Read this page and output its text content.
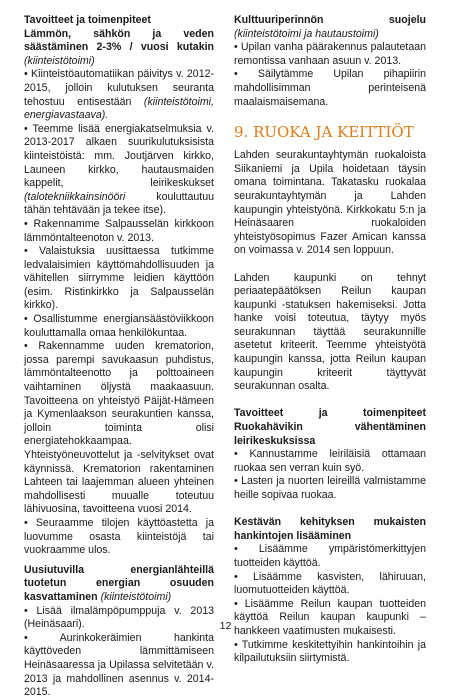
Tavoitteet ja toimenpiteet
Lämmön, sähkön ja veden säästäminen 2-3% / vuosi kutakin (kiinteistötoimi)
• Kiinteistöautomatiikan päivitys v. 2012-2015, jolloin kulutuksen seuranta tehostuu entisestään (kiinteistötoimi, energiavastaava).
• Teemme lisää energiakatselmuksia v. 2013-2017 alkaen suurikulutuksisista kiinteistöistä: mm. Joutjärven kirkko, Launeen kirkko, hautausmaiden kappelit, leirikeskukset (talotekniikkainsinööri	kouluttautuu tähän tehtävään ja tekee itse).
• Rakennamme Salpausselän kirkkoon lämmöntalteenoton v. 2013.
• Valaistuksia uusittaessa tutkimme ledvalaisimien käyttömahdollisuuden ja vähitellen siirrymme leidien käyttöön (esim. Ristinkirkko ja Salpausselän kirkko).
• Osallistumme energiansäästöviikkoon kouluttamalla omaa henkilökuntaa.
• Rakennamme uuden krematorion, jossa parempi savukaasun puhdistus, lämmöntalteenotto ja polttoaineen vaihtaminen öljystä maakaasuun. Tavoitteena on yhteistyö Päijät-Hämeen ja Kymenlaakson seurakuntien kanssa, jolloin toiminta olisi energiatehokkaampaa. Yhteistyöneuvottelut ja -selvitykset ovat käynnissä. Krematorion rakentaminen Lahteen tai laajemman alueen yhteinen mahdollisesti muualle toteutuu lähivuosina, tavoitteena vuosi 2014.
• Seuraamme tilojen käyttöastetta ja luovumme osasta kiinteistöjä tai vuokraamme ulos.
Uusiutuvilla energianlähteillä tuotetun energian osuuden kasvattaminen (kiinteistötoimi)
• Lisää ilmalämpöpumppuja v. 2013 (Heinäsaari).
• Aurinkokeräimien hankinta käyttöveden lämmittämiseen Heinäsaaressa ja Upilassa selvitetään v. 2013 ja mahdollinen asennus v. 2014-2015.
Kulttuuriperinnön suojelu (kiinteistötoimi ja hautaustoimi)
• Upilan vanha päärakennus palautetaan remontissa vanhaan asuun v. 2013.
• Säilytämme Upilan pihapiirin mahdollisimman perinteisenä maalaismaisemana.
9. RUOKA JA KEITTIÖT
Lahden seurakuntayhtymän ruokaloista Siikaniemi ja Upila hoidetaan täysin omana toimintana. Takatasku ruokalaa seurakuntayhtymän ja Lahden kaupungin yhteistyönä. Kirkkokatu 5:n ja Heinäsaaren ruokaloiden yhteistyösopimus Fazer Amican kanssa on voimassa v. 2014 sen loppuun.
Lahden kaupunki on tehnyt periaatepäätöksen Reilun kaupan kaupunki -statuksen hakemiseksi. Jotta hanke voisi toteutua, täytyy myös seurakunnan täyttää seurakunnille asetetut kriteerit. Teemme yhteistyötä kaupungin kanssa, jotta Reilun kaupan kaupungin kriteerit täyttyvät seurakunnan osalta.
Tavoitteet ja toimenpiteet Ruokahävikin vähentäminen leirikeskuksissa
• Kannustamme leiriläisiä ottamaan ruokaa sen verran kuin syö.
• Lasten ja nuorten leireillä valmistamme heille sopivaa ruokaa.
Kestävän kehityksen mukaisten hankintojen lisääminen
• Lisäämme ympäristömerkittyjen tuotteiden käyttöä.
• Lisäämme kasvisten, lähiruuan, luomutuotteiden käyttöä.
• Lisäämme Reilun kaupan tuotteiden käyttöä Reilun kaupan kaupunki –hankkeen vaatimusten mukaisesti.
• Tutkimme keskitettyihin hankintoihin ja kilpailutuksiin siirtymistä.
12
